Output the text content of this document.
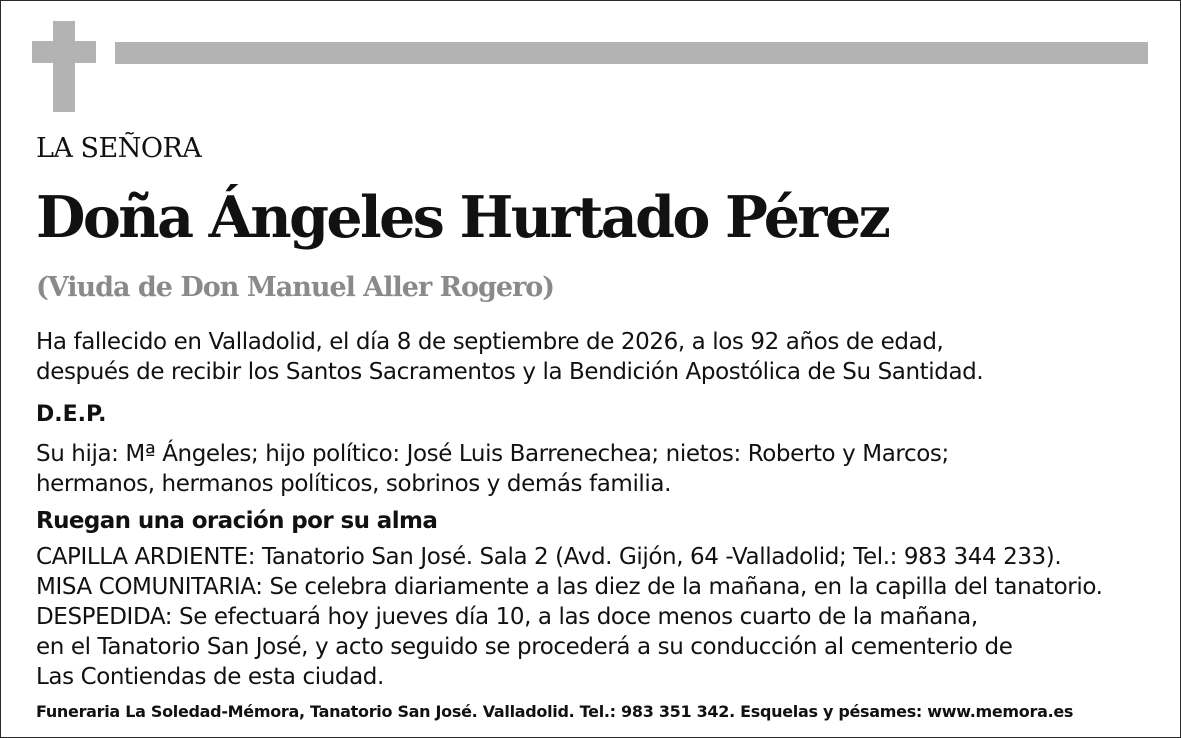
LA SEÑORA
Doña Ángeles Hurtado Pérez
(Viuda de Don Manuel Aller Rogero)
Ha fallecido en Valladolid, el día 8 de septiembre de 2026, a los 92 años de edad,
después de recibir los Santos Sacramentos y la Bendición Apostólica de Su Santidad.
D.E.P.
Su hija: Mª Ángeles; hijo político: José Luis Barrenechea; nietos: Roberto y Marcos;
hermanos, hermanos políticos, sobrinos y demás familia.
Ruegan una oración por su alma
CAPILLA ARDIENTE: Tanatorio San José. Sala 2 (Avd. Gijón, 64 -Valladolid; Tel.: 983 344 233).
MISA COMUNITARIA: Se celebra diariamente a las diez de la mañana, en la capilla del tanatorio.
DESPEDIDA: Se efectuará hoy jueves día 10, a las doce menos cuarto de la mañana,
en el Tanatorio San José, y acto seguido se procederá a su conducción al cementerio de
Las Contiendas de esta ciudad.
Funeraria La Soledad-Mémora, Tanatorio San José. Valladolid. Tel.: 983 351 342. Esquelas y pésames: www.memora.es
